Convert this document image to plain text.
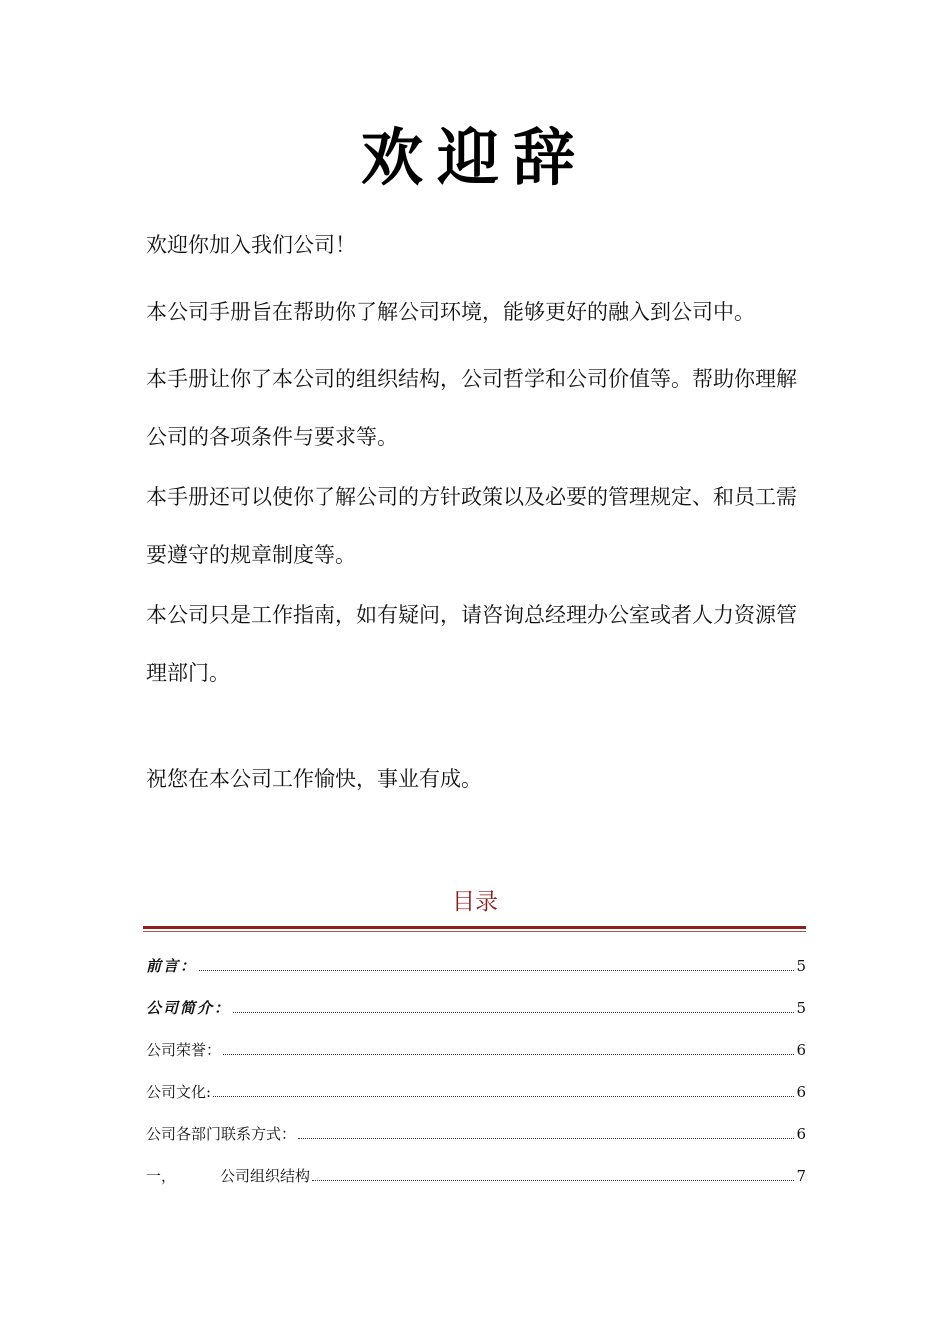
欢迎辞

欢迎你加入我们公司！

本公司手册旨在帮助你了解公司环境，能够更好的融入到公司中。

本手册让你了本公司的组织结构，公司哲学和公司价值等。帮助你理解公司的各项条件与要求等。

本手册还可以使你了解公司的方针政策以及必要的管理规定、和员工需要遵守的规章制度等。

本公司只是工作指南，如有疑问，请咨询总经理办公室或者人力资源管理部门。

祝您在本公司工作愉快，事业有成。

目录
前言：	5
公司简介：	5
公司荣誉：	6
公司文化:	6
公司各部门联系方式：	6
一，	公司组织结构	7
